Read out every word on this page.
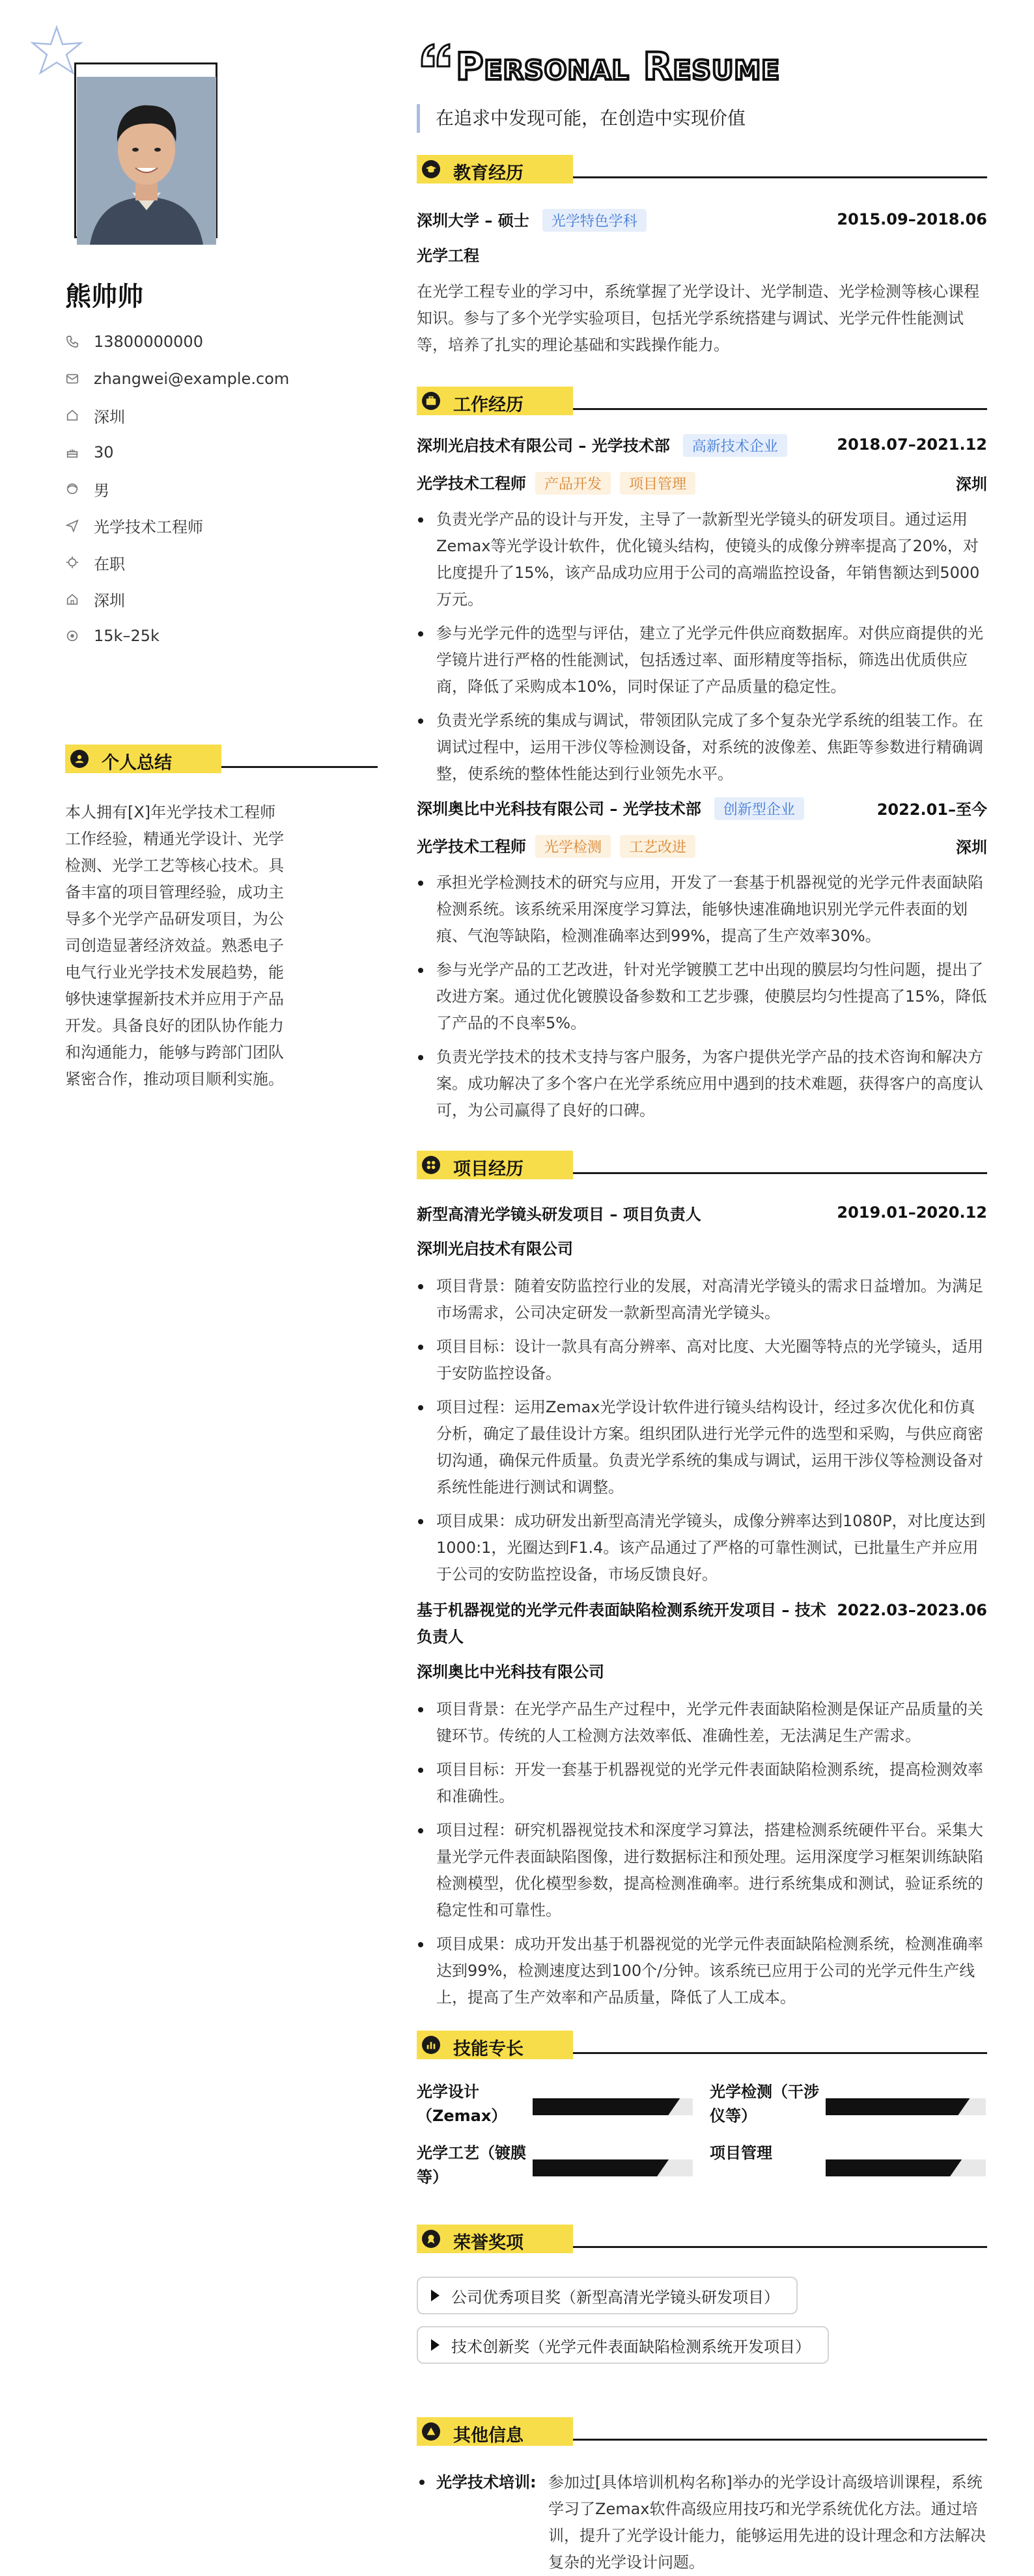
熊帅帅
13800000000
zhangwei@example.com
深圳
30
男
光学技术工程师
在职
深圳
15k–25k
个人总结
本人拥有[X]年光学技术工程师工作经验，精通光学设计、光学检测、光学工艺等核心技术。具备丰富的项目管理经验，成功主导多个光学产品研发项目，为公司创造显著经济效益。熟悉电子电气行业光学技术发展趋势，能够快速掌握新技术并应用于产品开发。具备良好的团队协作能力和沟通能力，能够与跨部门团队紧密合作，推动项目顺利实施。
Personal Resume
在追求中发现可能，在创造中实现价值
教育经历
深圳大学 – 硕士 光学特色学科	2015.09–2018.06
光学工程
在光学工程专业的学习中，系统掌握了光学设计、光学制造、光学检测等核心课程知识。参与了多个光学实验项目，包括光学系统搭建与调试、光学元件性能测试等，培养了扎实的理论基础和实践操作能力。
工作经历
深圳光启技术有限公司 – 光学技术部 高新技术企业	2018.07–2021.12
光学技术工程师 产品开发 项目管理	深圳
负责光学产品的设计与开发，主导了一款新型光学镜头的研发项目。通过运用Zemax等光学设计软件，优化镜头结构，使镜头的成像分辨率提高了20%，对比度提升了15%，该产品成功应用于公司的高端监控设备，年销售额达到5000万元。
参与光学元件的选型与评估，建立了光学元件供应商数据库。对供应商提供的光学镜片进行严格的性能测试，包括透过率、面形精度等指标，筛选出优质供应商，降低了采购成本10%，同时保证了产品质量的稳定性。
负责光学系统的集成与调试，带领团队完成了多个复杂光学系统的组装工作。在调试过程中，运用干涉仪等检测设备，对系统的波像差、焦距等参数进行精确调整，使系统的整体性能达到行业领先水平。
深圳奥比中光科技有限公司 – 光学技术部 创新型企业	2022.01–至今
光学技术工程师 光学检测 工艺改进	深圳
承担光学检测技术的研究与应用，开发了一套基于机器视觉的光学元件表面缺陷检测系统。该系统采用深度学习算法，能够快速准确地识别光学元件表面的划痕、气泡等缺陷，检测准确率达到99%，提高了生产效率30%。
参与光学产品的工艺改进，针对光学镀膜工艺中出现的膜层均匀性问题，提出了改进方案。通过优化镀膜设备参数和工艺步骤，使膜层均匀性提高了15%，降低了产品的不良率5%。
负责光学技术的技术支持与客户服务，为客户提供光学产品的技术咨询和解决方案。成功解决了多个客户在光学系统应用中遇到的技术难题，获得客户的高度认可，为公司赢得了良好的口碑。
项目经历
新型高清光学镜头研发项目 – 项目负责人	2019.01–2020.12
深圳光启技术有限公司
项目背景：随着安防监控行业的发展，对高清光学镜头的需求日益增加。为满足市场需求，公司决定研发一款新型高清光学镜头。
项目目标：设计一款具有高分辨率、高对比度、大光圈等特点的光学镜头，适用于安防监控设备。
项目过程：运用Zemax光学设计软件进行镜头结构设计，经过多次优化和仿真分析，确定了最佳设计方案。组织团队进行光学元件的选型和采购，与供应商密切沟通，确保元件质量。负责光学系统的集成与调试，运用干涉仪等检测设备对系统性能进行测试和调整。
项目成果：成功研发出新型高清光学镜头，成像分辨率达到1080P，对比度达到1000:1，光圈达到F1.4。该产品通过了严格的可靠性测试，已批量生产并应用于公司的安防监控设备，市场反馈良好。
基于机器视觉的光学元件表面缺陷检测系统开发项目 – 技术负责人
2022.03–2023.06
深圳奥比中光科技有限公司
项目背景：在光学产品生产过程中，光学元件表面缺陷检测是保证产品质量的关键环节。传统的人工检测方法效率低、准确性差，无法满足生产需求。
项目目标：开发一套基于机器视觉的光学元件表面缺陷检测系统，提高检测效率和准确性。
项目过程：研究机器视觉技术和深度学习算法，搭建检测系统硬件平台。采集大量光学元件表面缺陷图像，进行数据标注和预处理。运用深度学习框架训练缺陷检测模型，优化模型参数，提高检测准确率。进行系统集成和测试，验证系统的稳定性和可靠性。
项目成果：成功开发出基于机器视觉的光学元件表面缺陷检测系统，检测准确率达到99%，检测速度达到100个/分钟。该系统已应用于公司的光学元件生产线上，提高了生产效率和产品质量，降低了人工成本。
技能专长
光学设计（Zemax）
光学检测（干涉仪等）
光学工艺（镀膜等）
项目管理
荣誉奖项
公司优秀项目奖（新型高清光学镜头研发项目）
技术创新奖（光学元件表面缺陷检测系统开发项目）
其他信息
光学技术培训: 参加过[具体培训机构名称]举办的光学设计高级培训课程，系统学习了Zemax软件高级应用技巧和光学系统优化方法。通过培训，提升了光学设计能力，能够运用先进的设计理念和方法解决复杂的光学设计问题。
